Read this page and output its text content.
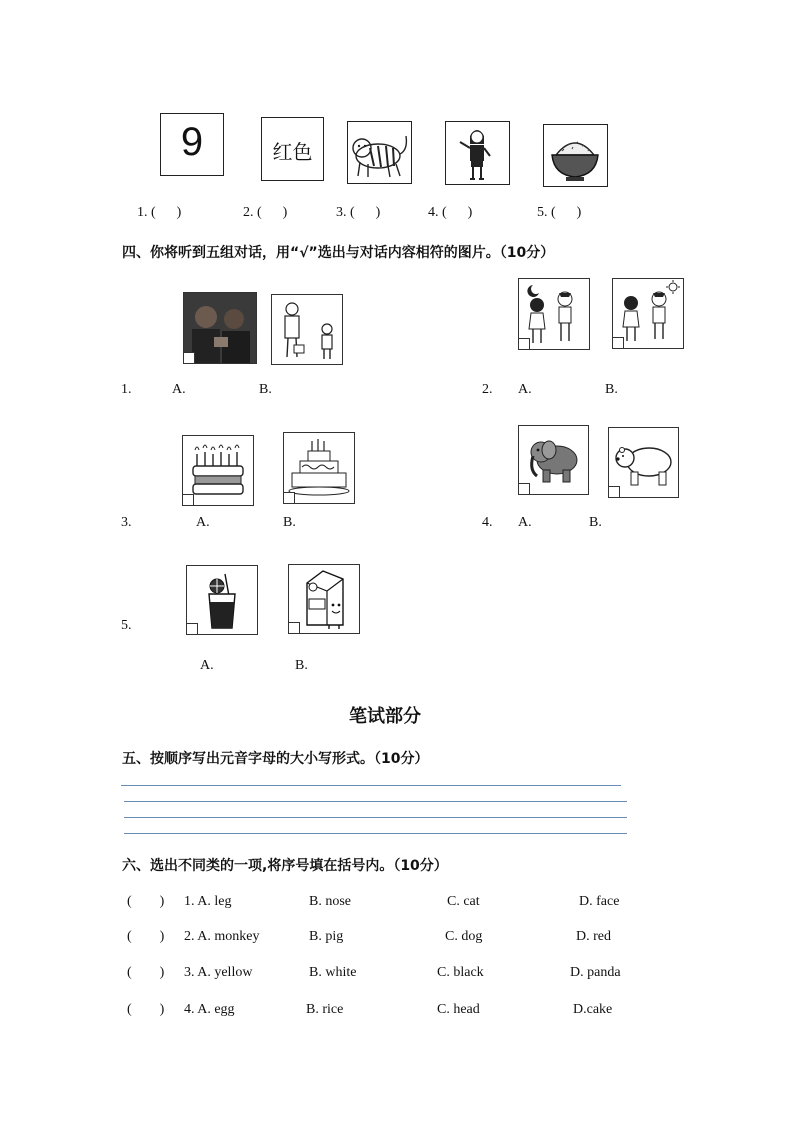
9	红色
1. (      )	2. (      )	3. (      )	4. (      )	5. (      )
四、你将听到五组对话，用“√”选出与对话内容相符的图片。（10分）
1.	A.	B.	2. A.	B.
3.	A.	B.	4. A.	B.
5.
A.	B.
笔试部分
五、按顺序写出元音字母的大小写形式。（10分）
六、选出不同类的一项,将序号填在括号内。（10分）
(        ) 1. A. leg	B. nose	C. cat	D. face
(        ) 2. A. monkey	B. pig	C. dog	D. red
(        ) 3. A. yellow	B. white	C. black	D. panda
(        ) 4. A. egg	B. rice	C. head	D.cake
